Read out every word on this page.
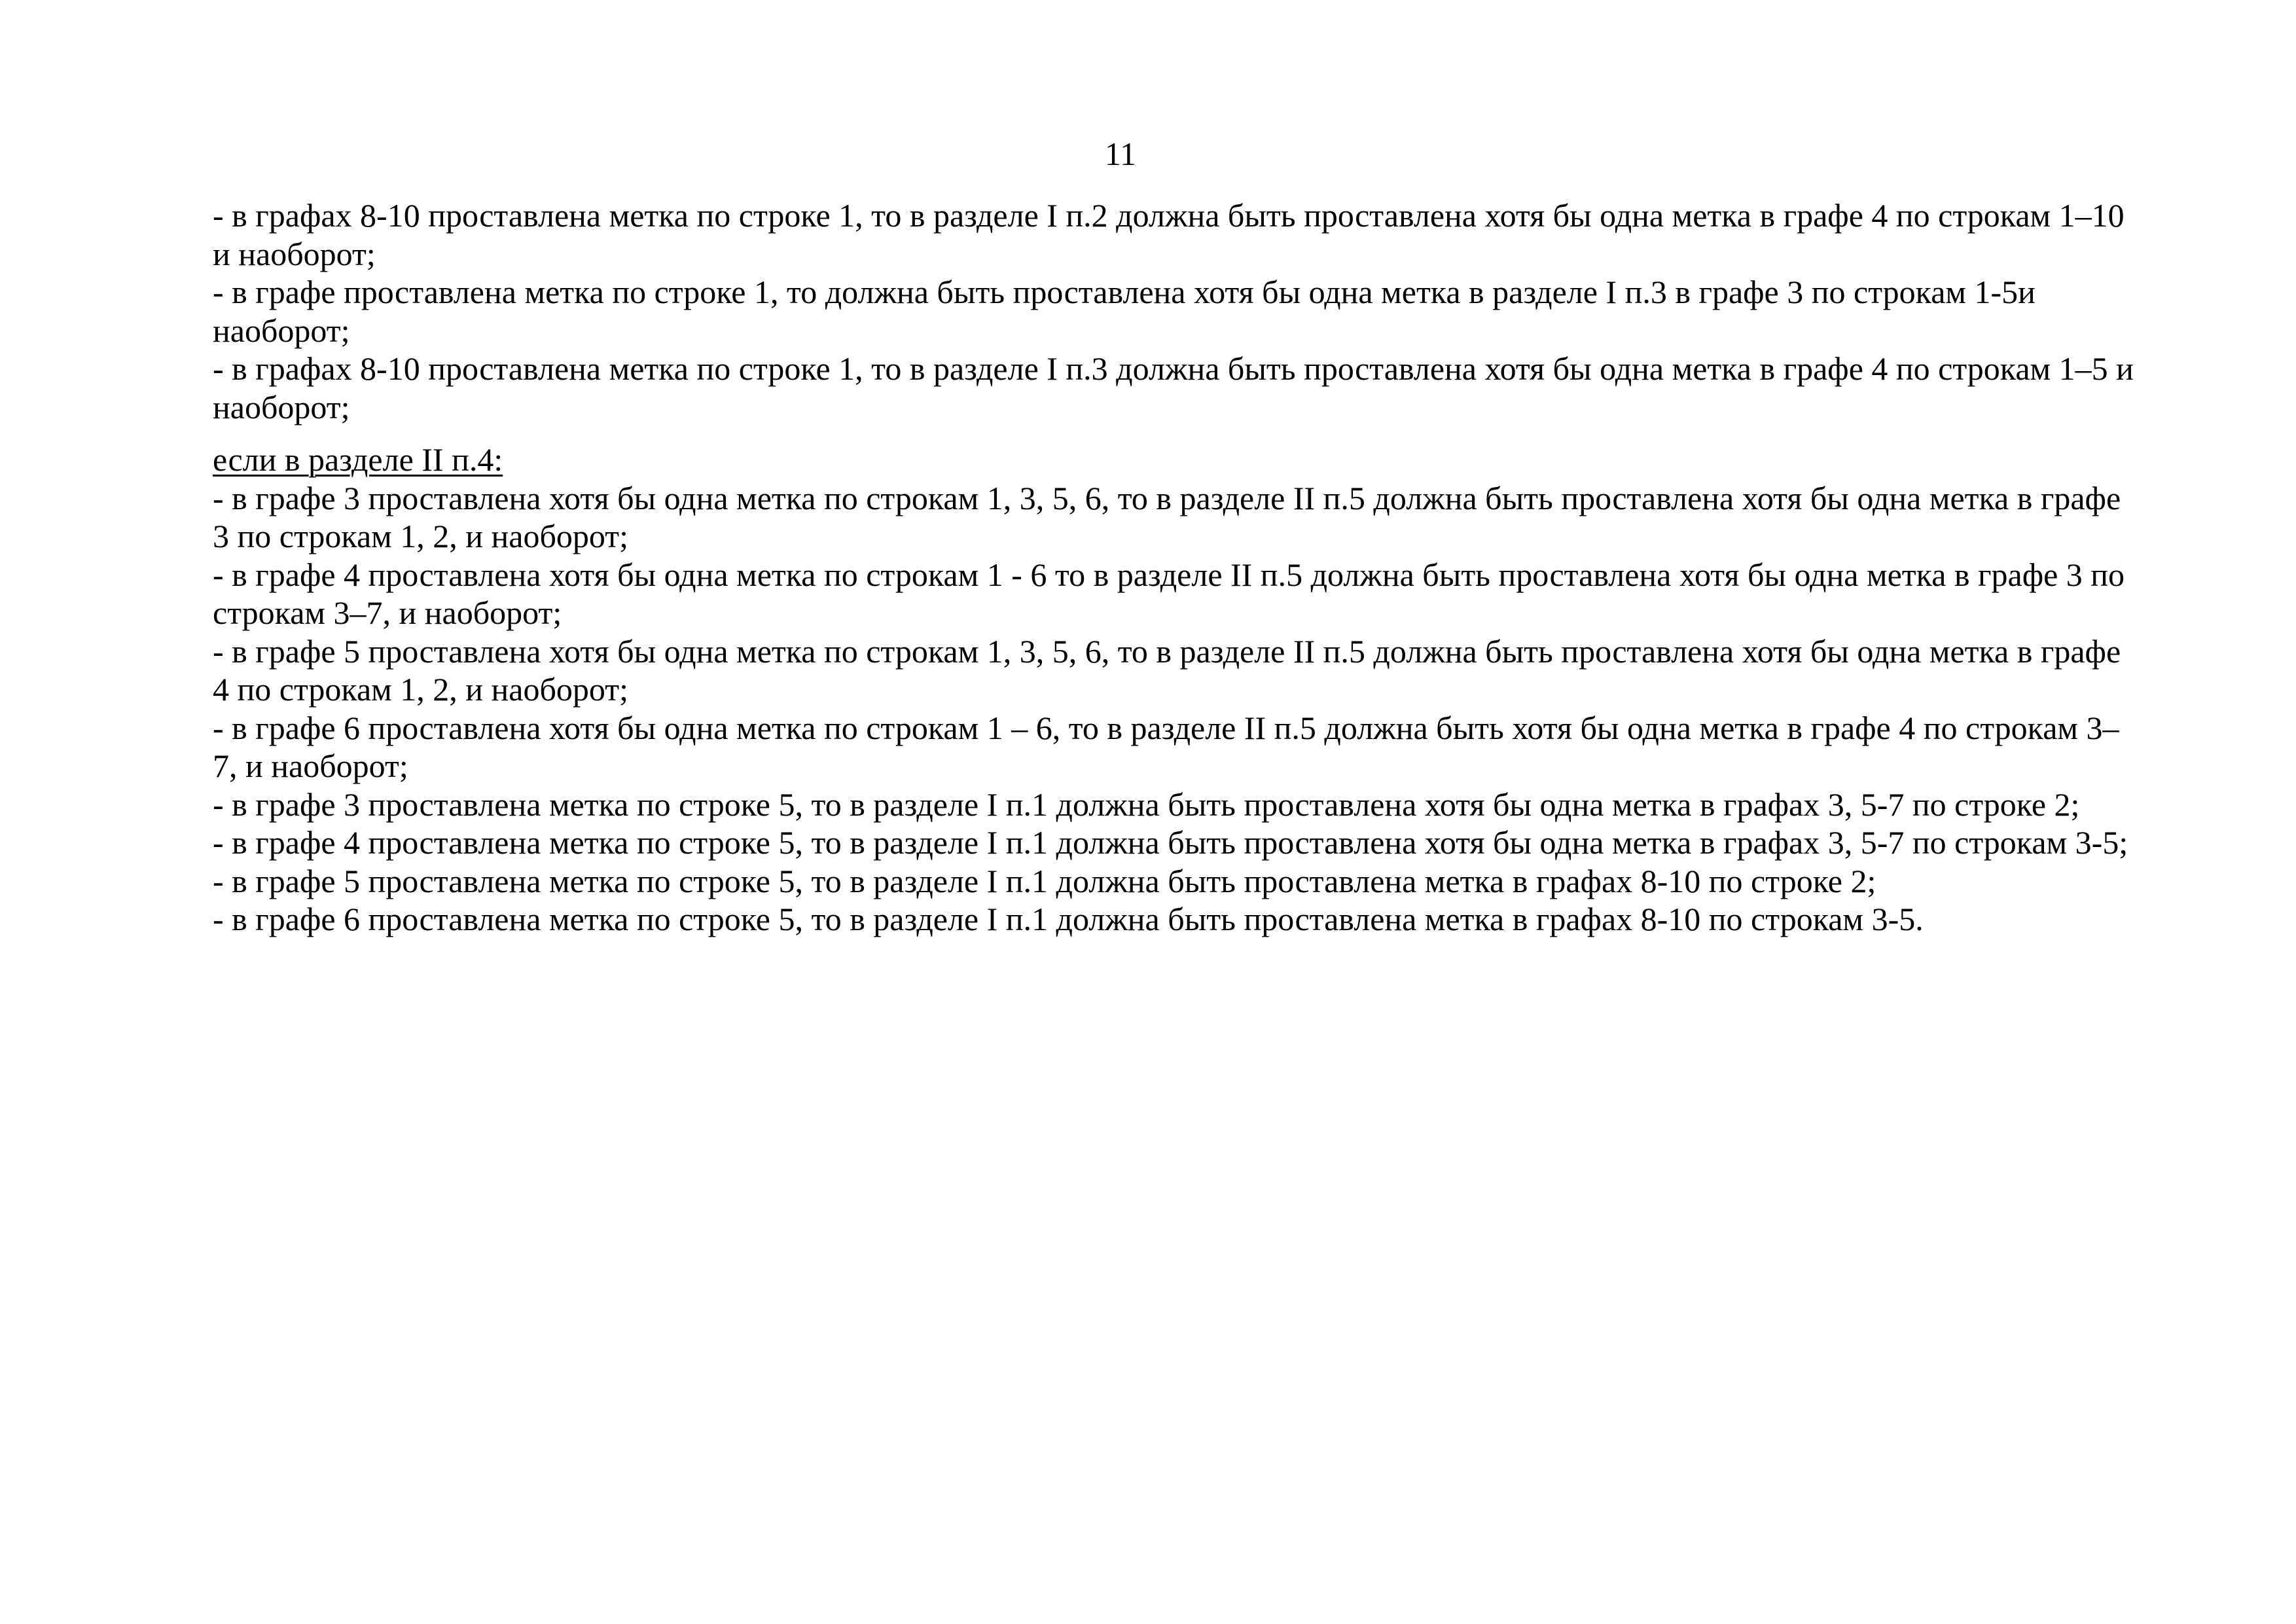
11

- в графах 8-10 проставлена метка по строке 1, то в разделе I п.2 должна быть проставлена хотя бы одна метка в графе 4 по строкам 1–10 и наоборот;

- в графе проставлена метка по строке 1, то должна быть проставлена хотя бы одна метка в разделе I п.3 в графе 3 по строкам 1-5и наоборот;

- в графах 8-10 проставлена метка по строке 1, то в разделе I п.3 должна быть проставлена хотя бы одна метка в графе 4 по строкам 1–5 и наоборот;

если в разделе II п.4:

- в графе 3 проставлена хотя бы одна метка по строкам 1, 3, 5, 6, то в разделе II п.5 должна быть проставлена хотя бы одна метка в графе 3 по строкам 1, 2, и наоборот;

- в графе 4 проставлена хотя бы одна метка по строкам 1 - 6 то в разделе II п.5 должна быть проставлена хотя бы одна метка в графе 3 по строкам 3–7, и наоборот;

- в графе 5 проставлена хотя бы одна метка по строкам 1, 3, 5, 6, то в разделе II п.5 должна быть проставлена хотя бы одна метка в графе 4 по строкам 1, 2, и наоборот;

- в графе 6 проставлена хотя бы одна метка по строкам 1 – 6, то в разделе II п.5 должна быть хотя бы одна метка в графе 4 по строкам 3–7, и наоборот;

- в графе 3 проставлена метка по строке 5, то в разделе I п.1 должна быть проставлена хотя бы одна метка в графах 3, 5-7 по строке 2;

- в графе 4 проставлена метка по строке 5, то в разделе I п.1 должна быть проставлена хотя бы одна метка в графах 3, 5-7 по строкам 3-5;

- в графе 5 проставлена метка по строке 5, то в разделе I п.1 должна быть проставлена метка в графах 8-10 по строке 2;

- в графе 6 проставлена метка по строке 5, то в разделе I п.1 должна быть проставлена метка в графах 8-10 по строкам 3-5.
